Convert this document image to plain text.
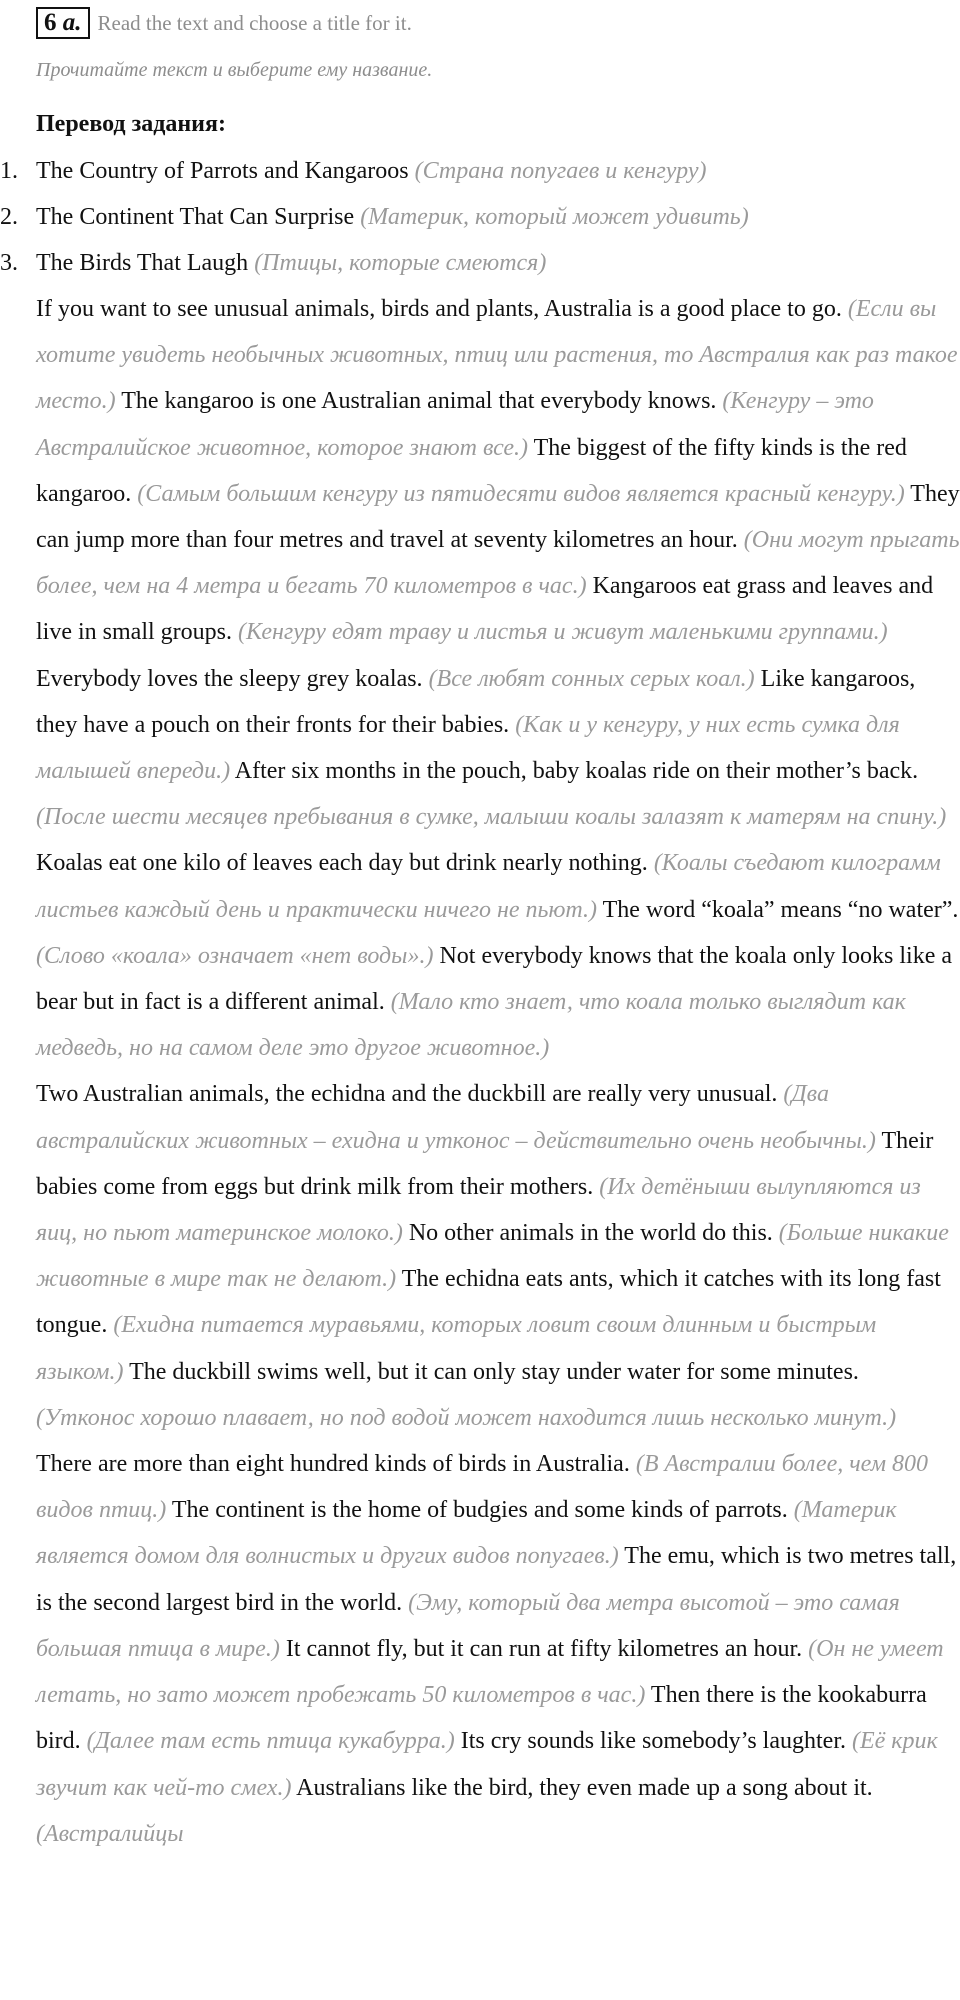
6 a. Read the text and choose a title for it.
Прочитайте текст и выберите ему название.
Перевод задания:
1. The Country of Parrots and Kangaroos (Страна попугаев и кенгуру)
2. The Continent That Can Surprise (Материк, который может удивить)
3. The Birds That Laugh (Птицы, которые смеются)

If you want to see unusual animals, birds and plants, Australia is a good place to go. (Если вы хотите увидеть необычных животных, птиц или растения, то Австралия как раз такое место.) The kangaroo is one Australian animal that everybody knows. (Кенгуру – это Австралийское животное, которое знают все.) The biggest of the fifty kinds is the red kangaroo. (Самым большим кенгуру из пятидесяти видов является красный кенгуру.) They can jump more than four metres and travel at seventy kilometres an hour. (Они могут прыгать более, чем на 4 метра и бегать 70 километров в час.) Kangaroos eat grass and leaves and live in small groups. (Кенгуру едят траву и листья и живут маленькими группами.)

Everybody loves the sleepy grey koalas. (Все любят сонных серых коал.) Like kangaroos, they have a pouch on their fronts for their babies. (Как и у кенгуру, у них есть сумка для малышей впереди.) After six months in the pouch, baby koalas ride on their mother’s back. (После шести месяцев пребывания в сумке, малыши коалы залазят к матерям на спину.) Koalas eat one kilo of leaves each day but drink nearly nothing. (Коалы съедают килограмм листьев каждый день и практически ничего не пьют.) The word “koala” means “no water”. (Слово «коала» означает «нет воды».) Not everybody knows that the koala only looks like a bear but in fact is a different animal. (Мало кто знает, что коала только выглядит как медведь, но на самом деле это другое животное.)

Two Australian animals, the echidna and the duckbill are really very unusual. (Два австралийских животных – ехидна и утконос – действительно очень необычны.) Their babies come from eggs but drink milk from their mothers. (Их детёныши вылупляются из яиц, но пьют материнское молоко.) No other animals in the world do this. (Больше никакие животные в мире так не делают.) The echidna eats ants, which it catches with its long fast tongue. (Ехидна питается муравьями, которых ловит своим длинным и быстрым языком.) The duckbill swims well, but it can only stay under water for some minutes. (Утконос хорошо плавает, но под водой может находится лишь несколько минут.)

There are more than eight hundred kinds of birds in Australia. (В Австралии более, чем 800 видов птиц.) The continent is the home of budgies and some kinds of parrots. (Материк является домом для волнистых и других видов попугаев.) The emu, which is two metres tall, is the second largest bird in the world. (Эму, который два метра высотой – это самая большая птица в мире.) It cannot fly, but it can run at fifty kilometres an hour. (Он не умеет летать, но зато может пробежать 50 километров в час.) Then there is the kookaburra bird. (Далее там есть птица кукабурра.) Its cry sounds like somebody’s laughter. (Её крик звучит как чей-то смех.) Australians like the bird, they even made up a song about it. (Австралийцы
